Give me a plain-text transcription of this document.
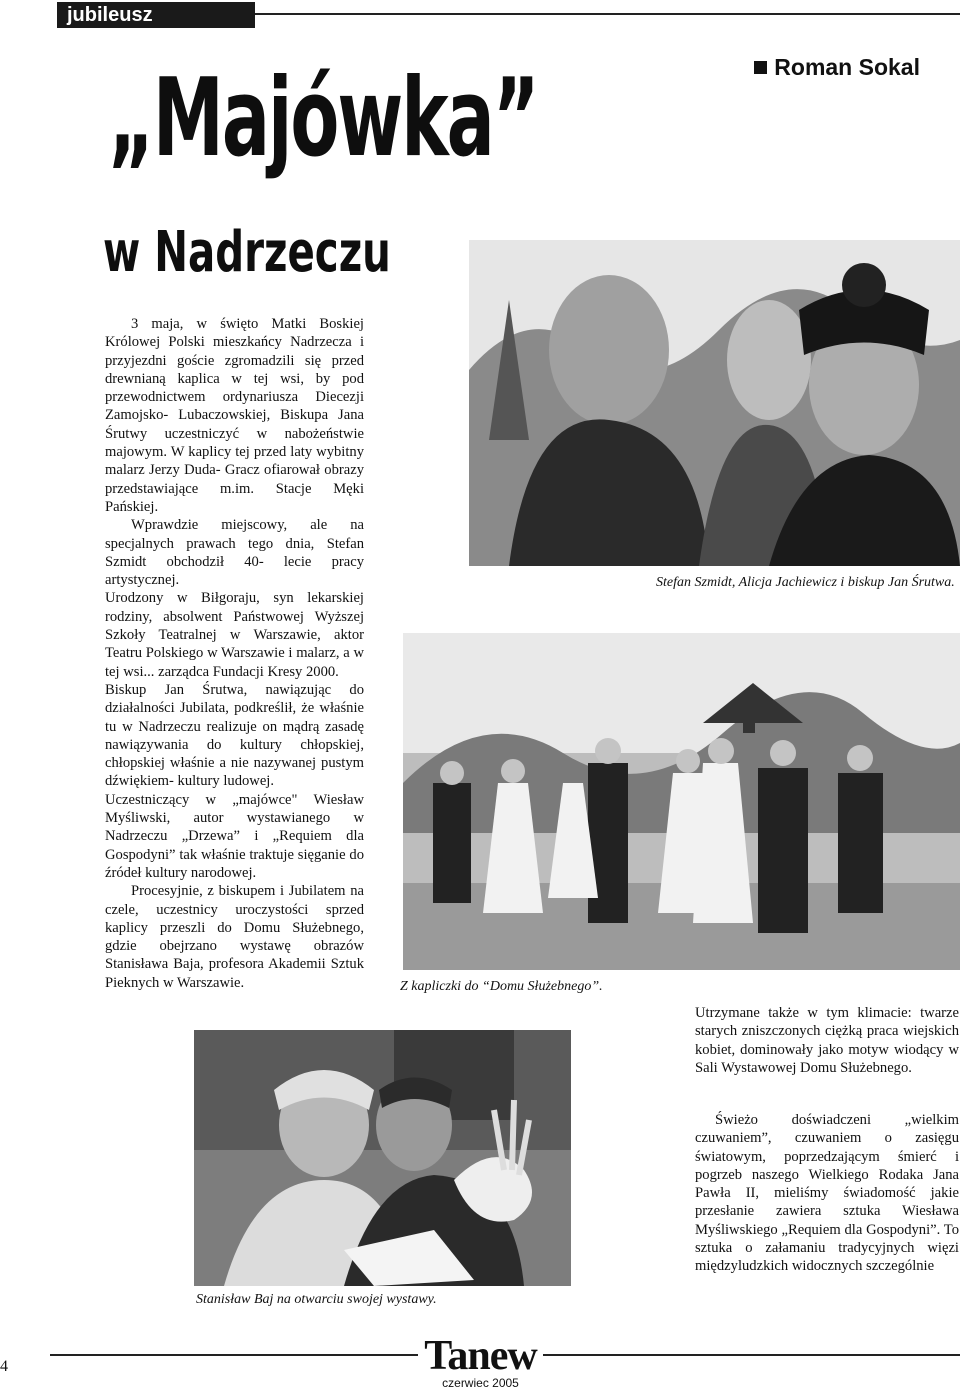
jubileusz
Roman Sokal
„Majówka”
w Nadrzeczu

3 maja, w święto Matki Boskiej Królowej Polski mieszkańcy Nadrzecza i przyjezdni goście zgromadzili się przed drewnianą kaplica w tej wsi, by pod przewodnictwem ordynariusza Diecezji Zamojsko- Lubaczowskiej, Biskupa Jana Śrutwy uczestniczyć w nabożeństwie majowym. W kaplicy tej przed laty wybitny malarz Jerzy Duda- Gracz ofiarował obrazy przedstawiające m.im. Stacje Męki Pańskiej.

Wprawdzie miejscowy, ale na specjalnych prawach tego dnia, Stefan Szmidt obchodził 40- lecie pracy artystycznej.

Urodzony w Biłgoraju, syn lekarskiej rodziny, absolwent Państwowej Wyższej Szkoły Teatralnej w Warszawie, aktor Teatru Polskiego w Warszawie i malarz, a w tej wsi... zarządca Fundacji Kresy 2000.

Biskup Jan Śrutwa, nawiązując do działalności Jubilata, podkreślił, że właśnie tu w Nadrzeczu realizuje on mądrą zasadę nawiązywania do kultury chłopskiej, chłopskiej właśnie a nie nazywanej pustym dźwiękiem- kultury ludowej.

Uczestniczący w „majówce" Wiesław Myśliwski, autor wystawianego w Nadrzeczu „Drzewa” i „Requiem dla Gospodyni” tak właśnie traktuje sięganie do źródeł kultury narodowej.

Procesyjnie, z biskupem i Jubilatem na czele, uczestnicy uroczystości sprzed kaplicy przeszli do Domu Służebnego, gdzie obejrzano wystawę obrazów Stanisława Baja, profesora Akademii Sztuk Pieknych w Warszawie.

Stefan Szmidt, Alicja Jachiewicz i biskup Jan Śrutwa.
Z kapliczki do “Domu Służebnego”.
Stanisław Baj na otwarciu swojej wystawy.

Utrzymane także w tym klimacie: twarze starych zniszczonych ciężką praca wiejskich kobiet, dominowały jako motyw wiodący w Sali Wystawowej Domu Służebnego.

Świeżo doświadczeni „wielkim czuwaniem”, czuwaniem o zasięgu światowym, poprzedzającym śmierć i pogrzeb naszego Wielkiego Rodaka Jana Pawła II, mieliśmy świadomość jakie przesłanie zawiera sztuka Wiesława Myśliwskiego „Requiem dla Gospodyni”. To sztuka o załamaniu tradycyjnych więzi międzyludzkich widocznych szczególnie

4	Tanew
czerwiec 2005
